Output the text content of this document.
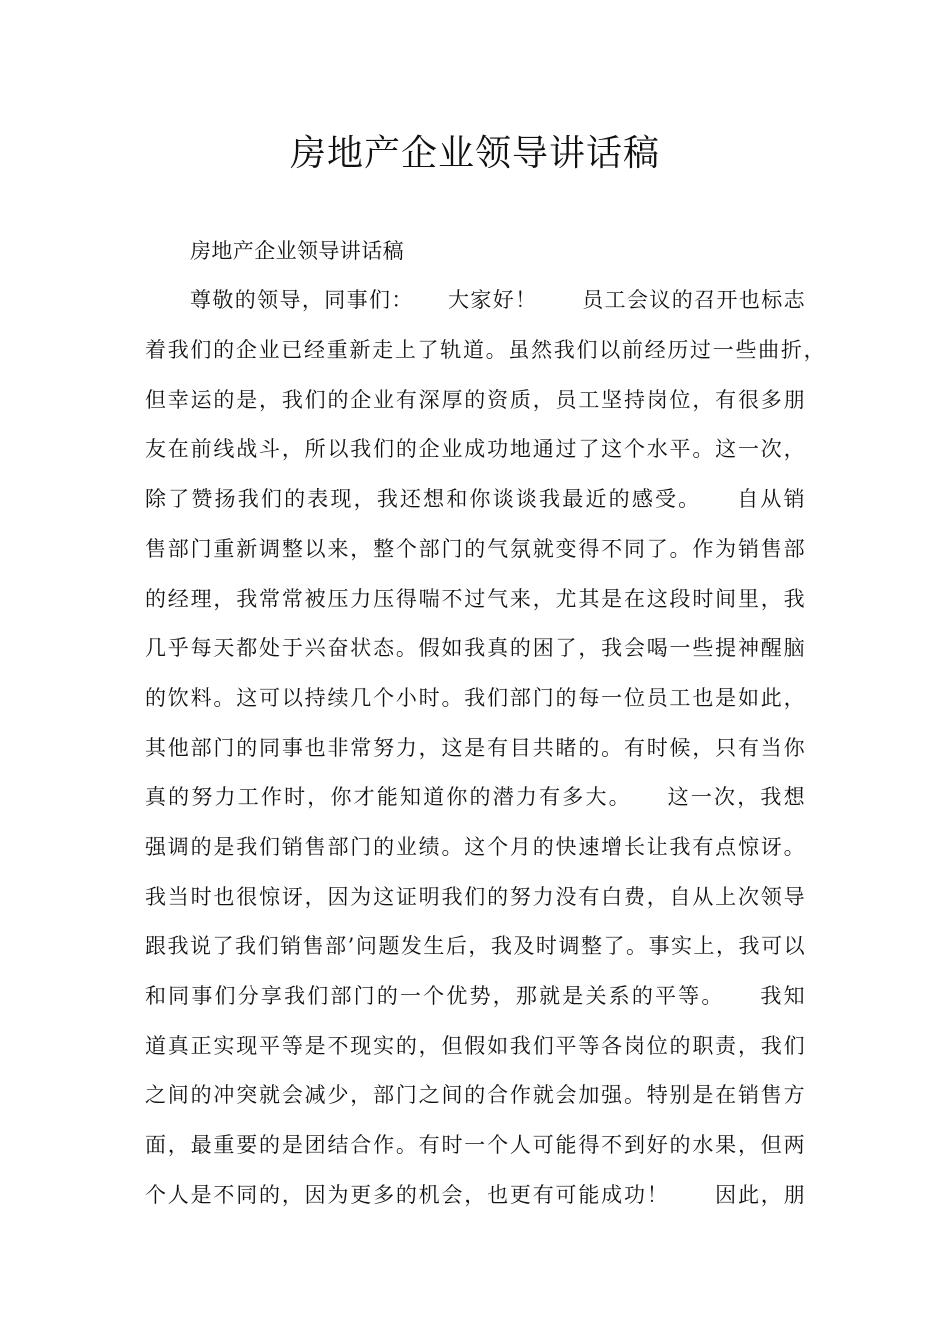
房地产企业领导讲话稿
房地产企业领导讲话稿
尊敬的领导，同事们：　　大家好！　　员工会议的召开也标志
着我们的企业已经重新走上了轨道。虽然我们以前经历过一些曲折，
但幸运的是，我们的企业有深厚的资质，员工坚持岗位，有很多朋
友在前线战斗，所以我们的企业成功地通过了这个水平。这一次，
除了赞扬我们的表现，我还想和你谈谈我最近的感受。　　自从销
售部门重新调整以来，整个部门的气氛就变得不同了。作为销售部
的经理，我常常被压力压得喘不过气来，尤其是在这段时间里，我
几乎每天都处于兴奋状态。假如我真的困了，我会喝一些提神醒脑
的饮料。这可以持续几个小时。我们部门的每一位员工也是如此，
其他部门的同事也非常努力，这是有目共睹的。有时候，只有当你
真的努力工作时，你才能知道你的潜力有多大。　　这一次，我想
强调的是我们销售部门的业绩。这个月的快速增长让我有点惊讶。
我当时也很惊讶，因为这证明我们的努力没有白费，自从上次领导
跟我说了我们销售部’问题发生后，我及时调整了。事实上，我可以
和同事们分享我们部门的一个优势，那就是关系的平等。　　我知
道真正实现平等是不现实的，但假如我们平等各岗位的职责，我们
之间的冲突就会减少，部门之间的合作就会加强。特别是在销售方
面，最重要的是团结合作。有时一个人可能得不到好的水果，但两
个人是不同的，因为更多的机会，也更有可能成功！　　因此，朋
